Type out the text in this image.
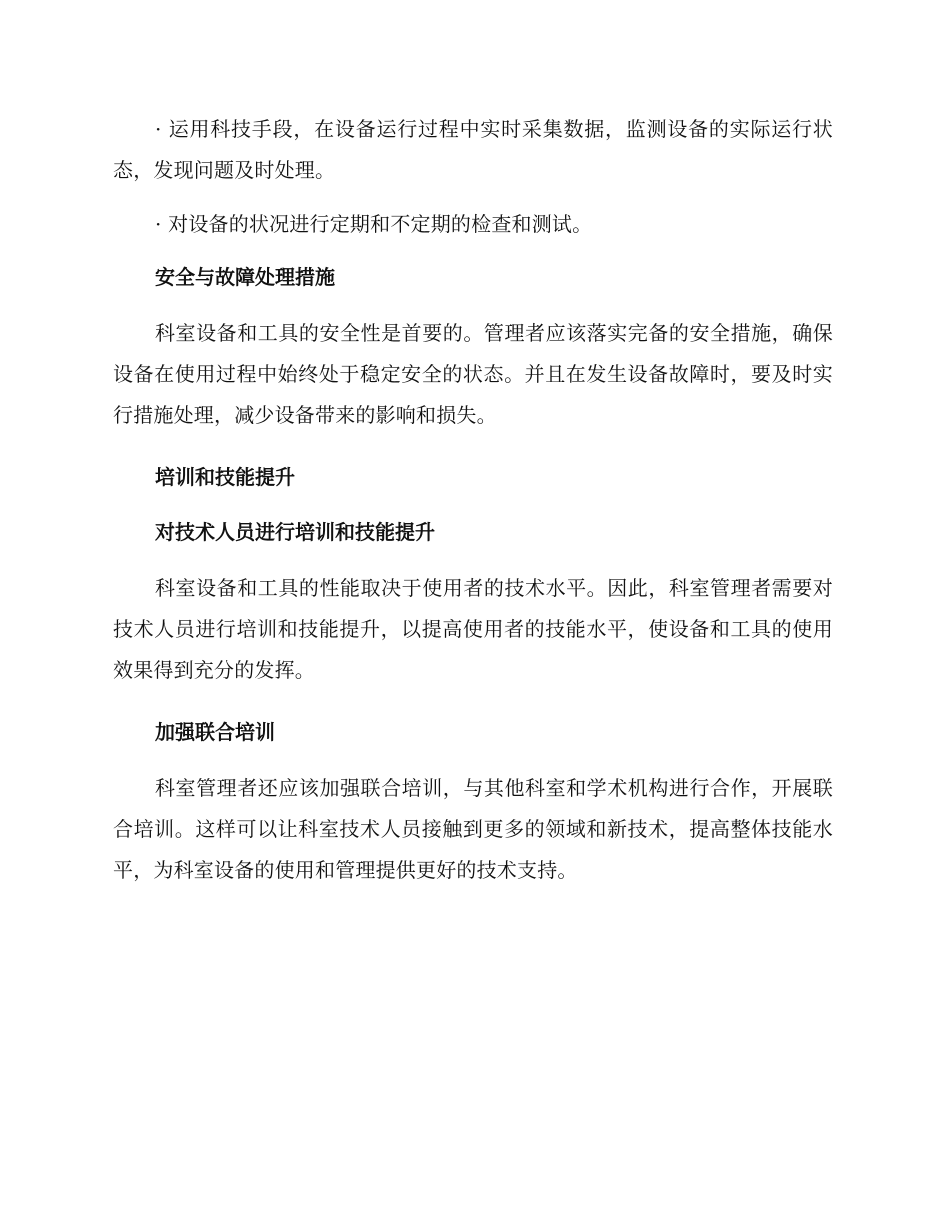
· 运用科技手段，在设备运行过程中实时采集数据，监测设备的实际运行状态，发现问题及时处理。

· 对设备的状况进行定期和不定期的检查和测试。

安全与故障处理措施

科室设备和工具的安全性是首要的。管理者应该落实完备的安全措施，确保设备在使用过程中始终处于稳定安全的状态。并且在发生设备故障时，要及时实行措施处理，减少设备带来的影响和损失。

培训和技能提升

对技术人员进行培训和技能提升

科室设备和工具的性能取决于使用者的技术水平。因此，科室管理者需要对技术人员进行培训和技能提升，以提高使用者的技能水平，使设备和工具的使用效果得到充分的发挥。

加强联合培训

科室管理者还应该加强联合培训，与其他科室和学术机构进行合作，开展联合培训。这样可以让科室技术人员接触到更多的领域和新技术，提高整体技能水平，为科室设备的使用和管理提供更好的技术支持。
